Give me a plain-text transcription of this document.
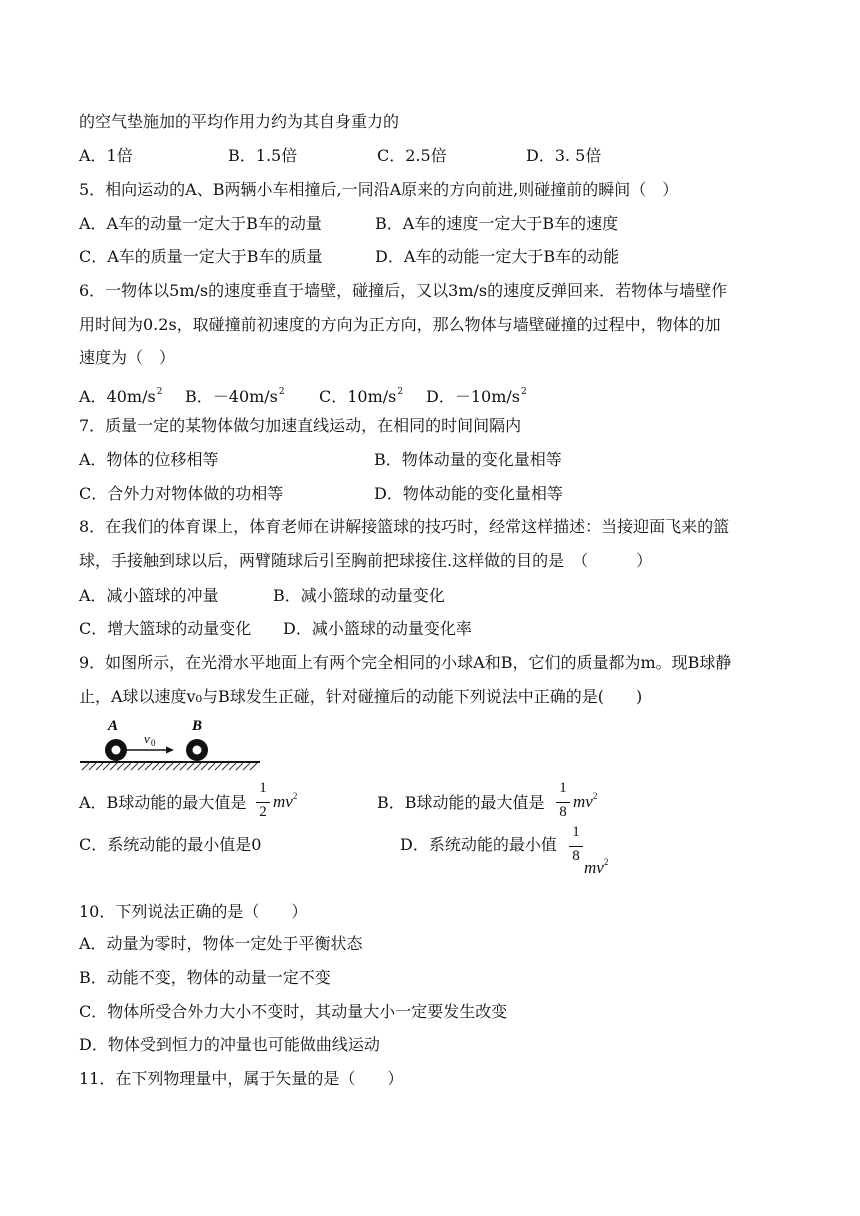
的空气垫施加的平均作用力约为其自身重力的
A．1倍	B．1.5倍	C．2.5倍	D．3. 5倍
5．相向运动的A、B两辆小车相撞后,一同沿A原来的方向前进,则碰撞前的瞬间（　）
A．A车的动量一定大于B车的动量	B．A车的速度一定大于B车的速度
C．A车的质量一定大于B车的质量	D．A车的动能一定大于B车的动能
6．一物体以5m/s的速度垂直于墙壁，碰撞后，又以3m/s的速度反弹回来．若物体与墙壁作
用时间为0.2s，取碰撞前初速度的方向为正方向，那么物体与墙壁碰撞的过程中，物体的加
速度为（　）
A．$40m/s^2$ B．$-40m/s^2$ C．$10m/s^2$ D．$-10m/s^2$
7．质量一定的某物体做匀加速直线运动，在相同的时间间隔内
A．物体的位移相等	B．物体动量的变化量相等
C．合外力对物体做的功相等	D．物体动能的变化量相等
8．在我们的体育课上，体育老师在讲解接篮球的技巧时，经常这样描述：当接迎面飞来的篮
球，手接触到球以后，两臂随球后引至胸前把球接住.这样做的目的是　（　　　）
A．减小篮球的冲量	B．减小篮球的动量变化
C．增大篮球的动量变化 D．减小篮球的动量变化率
9．如图所示，在光滑水平地面上有两个完全相同的小球A和B，它们的质量都为m。现B球静
止，A球以速度v₀与B球发生正碰，针对碰撞后的动能下列说法中正确的是(　　)
A	B
v 0
A．B球动能的最大值是
1
2
$mv^2$	B．B球动能的最大值是
1
8
$mv^2$
C．系统动能的最小值是0	D．系统动能的最小值
1
8
$mv^2$
10．下列说法正确的是（　　）
A．动量为零时，物体一定处于平衡状态
B．动能不变，物体的动量一定不变
C．物体所受合外力大小不变时，其动量大小一定要发生改变
D．物体受到恒力的冲量也可能做曲线运动
11．在下列物理量中，属于矢量的是（　　）
